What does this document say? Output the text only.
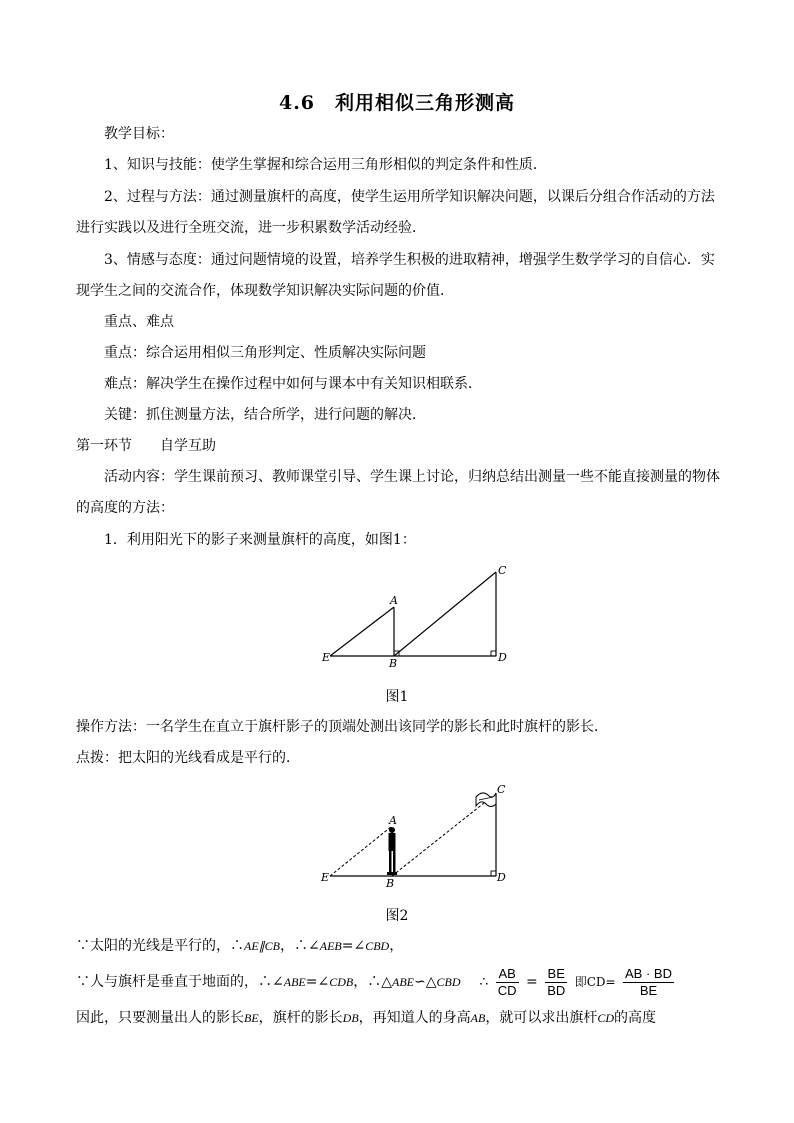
4.6　利用相似三角形测高
教学目标：
1、知识与技能：使学生掌握和综合运用三角形相似的判定条件和性质．
2、过程与方法：通过测量旗杆的高度，使学生运用所学知识解决问题，以课后分组合作活动的方法
进行实践以及进行全班交流，进一步积累数学活动经验．
3、情感与态度：通过问题情境的设置，培养学生积极的进取精神，增强学生数学学习的自信心．实
现学生之间的交流合作，体现数学知识解决实际问题的价值．
重点、难点
重点：综合运用相似三角形判定、性质解决实际问题
难点：解决学生在操作过程中如何与课本中有关知识相联系．
关键：抓住测量方法，结合所学，进行问题的解决．
第一环节　　自学互助
活动内容：学生课前预习、教师课堂引导、学生课上讨论，归纳总结出测量一些不能直接测量的物体
的高度的方法：
1．利用阳光下的影子来测量旗杆的高度，如图1：
A
B
C
D
E
图1
操作方法：一名学生在直立于旗杆影子的顶端处测出该同学的影长和此时旗杆的影长．
点拨：把太阳的光线看成是平行的．
A
B
C
D
E
图2
∵太阳的光线是平行的，∴AE∥CB，∴∠AEB=∠CBD，
∵人与旗杆是垂直于地面的，∴∠ABE=∠CDB，∴△ABE∽△CBD ∴ $\frac{AB}{CD} = \frac{BE}{BD}$ 即$CD= \frac{AB \cdot BD}{BE}$
因此，只要测量出人的影长BE，旗杆的影长DB，再知道人的身高AB，就可以求出旗杆CD的高度
